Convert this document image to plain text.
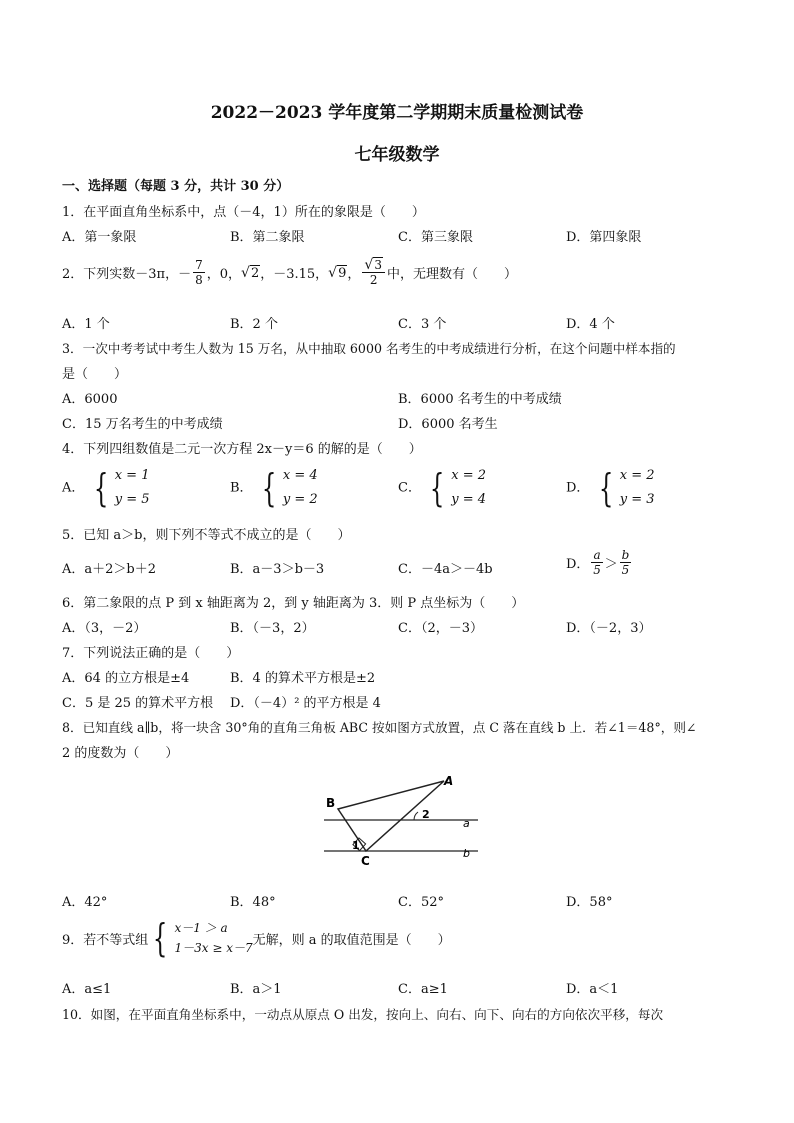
2022－2023 学年度第二学期期末质量检测试卷
七年级数学
一、选择题（每题 3 分，共计 30 分）
1．在平面直角坐标系中，点（－4，1）所在的象限是（　　）
A．第一象限	B．第二象限	C．第三象限	D．第四象限
2．下列实数－3π，－ $\frac{7}{8}$ ，0， √ 2 ，－3.15， √ 9 ， $\frac{√3}{2}$ 中，无理数有（　　）
A．1 个	B．2 个	C．3 个	D．4 个
3．一次中考考试中考生人数为 15 万名，从中抽取 6000 名考生的中考成绩进行分析，在这个问题中样本指的
是（　　）
A．6000	B．6000 名考生的中考成绩
C．15 万名考生的中考成绩	D．6000 名考生
4．下列四组数值是二元一次方程 2x－y＝6 的解的是（　　）
A． { x = 1
y = 5
B． { x = 4
y = 2
C． { x = 2
y = 4
D． { x = 2
y = 3
5．已知 a＞b，则下列不等式不成立的是（　　）
A．a＋2＞b＋2	B．a－3＞b－3	C．－4a＞－4b	D． $\frac{a}{5} > \frac{b}{5}$
6．第二象限的点 P 到 x 轴距离为 2，到 y 轴距离为 3．则 P 点坐标为（　　）
A．（3，－2）	B．（－3，2）	C．（2，－3）	D．（－2，3）
7．下列说法正确的是（　　）
A．64 的立方根是±4	B．4 的算术平方根是±2
C．5 是 25 的算术平方根 D．（－4）² 的平方根是 4
8．已知直线 a∥b，将一块含 30°角的直角三角板 ABC 按如图方式放置，点 C 落在直线 b 上．若∠1＝48°，则∠
2 的度数为（　　）
B
A
C
1
2
a
b
A．42°	B．48°	C．52°	D．58°
9．若不等式组 { x－1 ＞ a
1－3x ≥ x－7
无解，则 a 的取值范围是（　　）
A．a≤1	B．a＞1	C．a≥1	D．a＜1
10．如图，在平面直角坐标系中，一动点从原点 O 出发，按向上、向右、向下、向右的方向依次平移，每次
